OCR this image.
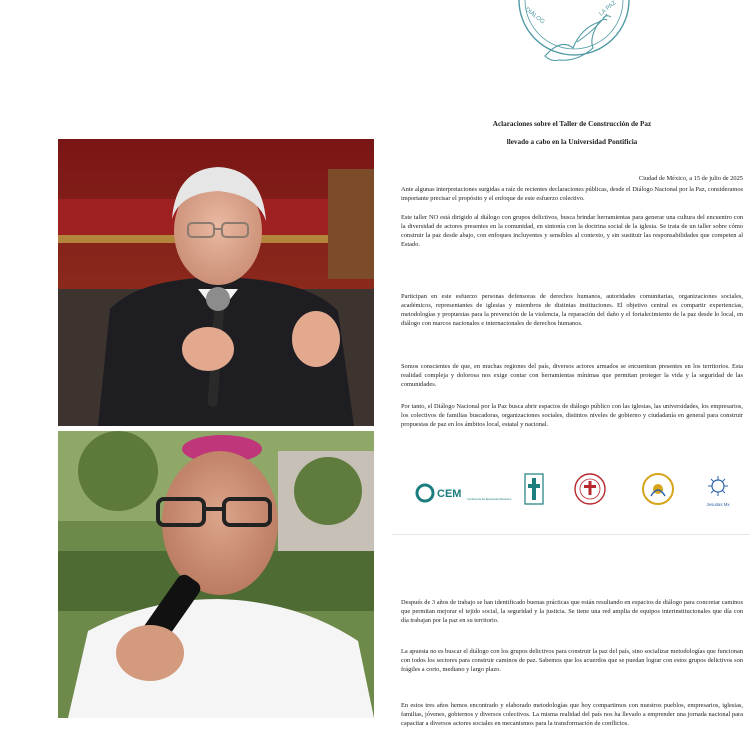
DIÁLOG	LA PAZ
Aclaraciones sobre el Taller de Construcción de Paz
llevado a cabo en la Universidad Pontificia
Ciudad de México, a 15 de julio de 2025

Ante algunas interpretaciones surgidas a raíz de recientes declaraciones públicas, desde el Diálogo Nacional por la Paz, consideramos importante precisar el propósito y el enfoque de este esfuerzo colectivo.

Este taller NO está dirigido al diálogo con grupos delictivos, busca brindar herramientas para generar una cultura del encuentro con la diversidad de actores presentes en la comunidad, en sintonía con la doctrina social de la iglesia. Se trata de un taller sobre cómo construir la paz desde abajo, con enfoques incluyentes y sensibles al contexto, y sin sustituir las responsabilidades que competen al Estado.

Participan en este esfuerzo personas defensoras de derechos humanos, autoridades comunitarias, organizaciones sociales, académicos, representantes de iglesias y miembros de distintas instituciones. El objetivo central es compartir experiencias, metodologías y propuestas para la prevención de la violencia, la reparación del daño y el fortalecimiento de la paz desde lo local, en diálogo con marcos nacionales e internacionales de derechos humanos.

Somos conscientes de que, en muchas regiones del país, diversos actores armados se encuentran presentes en los territorios. Esta realidad compleja y dolorosa nos exige contar con herramientas mínimas que permitan proteger la vida y la seguridad de las comunidades.

Por tanto, el Diálogo Nacional por la Paz busca abrir espacios de diálogo público con las iglesias, las universidades, los empresarios, los colectivos de familias buscadoras, organizaciones sociales, distintos niveles de gobierno y ciudadanía en general para construir propuestas de paz en los ámbitos local, estatal y nacional.

CEM Conferencia del Episcopado Mexicano
Jesuitas Mx

Después de 3 años de trabajo se han identificado buenas prácticas que están resultando en espacios de diálogo para concretar caminos que permitan mejorar el tejido social, la seguridad y la justicia. Se tiene una red amplia de equipos interinstitucionales que día con día trabajan por la paz en su territorio.

La apuesta no es buscar el diálogo con los grupos delictivos para construir la paz del país, sino socializar metodologías que funcionan con todos los sectores para construir caminos de paz. Sabemos que los acuerdos que se puedan lograr con estos grupos delictivos son frágiles a corto, mediano y largo plazo.

En estos tres años hemos encontrado y elaborado metodologías que hoy compartimos con nuestros pueblos, empresarios, iglesias, familias, jóvenes, gobiernos y diversos colectivos. La misma realidad del país nos ha llevado a emprender una jornada nacional para capacitar a diversos actores sociales en mecanismos para la transformación de conflictos.
